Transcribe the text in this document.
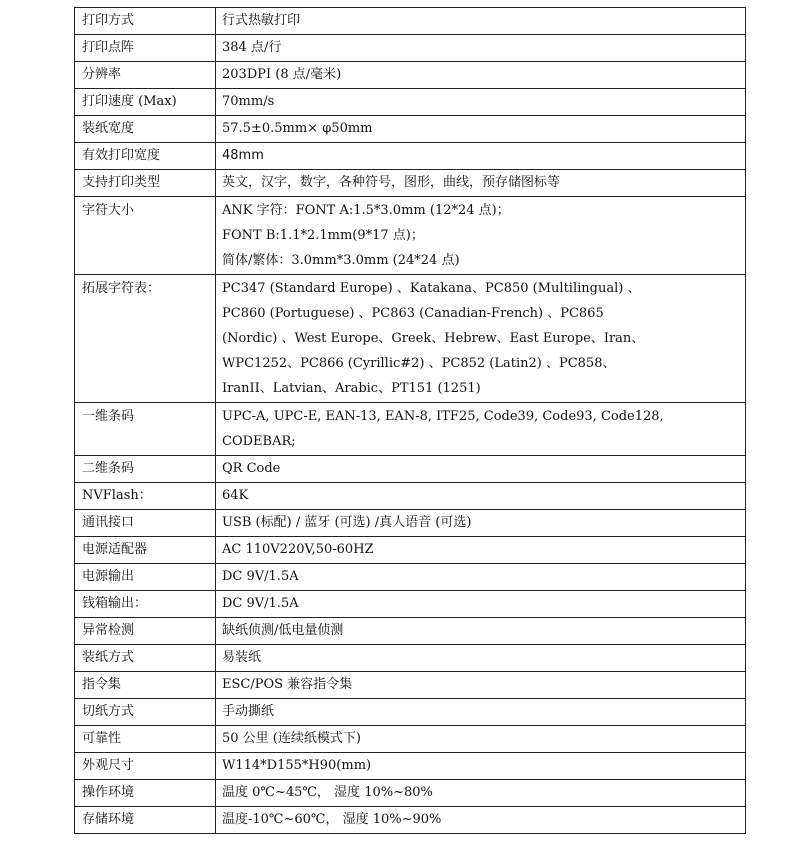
打印方式	行式热敏打印

打印点阵	384 点/行

分辨率	203DPI (8 点/毫米)

打印速度 (Max)	70mm/s

装纸宽度	57.5±0.5mm× φ50mm

有效打印宽度	48mm

支持打印类型	英文，汉字，数字，各种符号，图形，曲线，预存储图标等

字符大小	ANK 字符：FONT A:1.5*3.0mm (12*24 点)；
FONT B:1.1*2.1mm(9*17 点)；
简体/繁体：3.0mm*3.0mm (24*24 点)

拓展字符表：	PC347 (Standard Europe) 、Katakana、PC850 (Multilingual) 、
PC860 (Portuguese) 、PC863 (Canadian-French) 、PC865
(Nordic) 、West Europe、Greek、Hebrew、East Europe、Iran、
WPC1252、PC866 (Cyrillic#2) 、PC852 (Latin2) 、PC858、
IranII、Latvian、Arabic、PT151 (1251)

一维条码	UPC-A, UPC-E, EAN-13, EAN-8, ITF25, Code39, Code93, Code128,
CODEBAR;

二维条码	QR Code

NVFlash：	64K

通讯接口	USB (标配) / 蓝牙 (可选) /真人语音 (可选)

电源适配器	AC 110V220V,50-60HZ

电源输出	DC 9V/1.5A

钱箱输出：	DC 9V/1.5A

异常检测	缺纸侦测/低电量侦测

装纸方式	易装纸

指令集	ESC/POS 兼容指令集

切纸方式	手动撕纸

可靠性	50 公里 (连续纸模式下)

外观尺寸	W114*D155*H90(mm)

操作环境	温度 0℃~45℃， 湿度 10%~80%

存储环境	温度-10℃~60℃， 湿度 10%~90%
